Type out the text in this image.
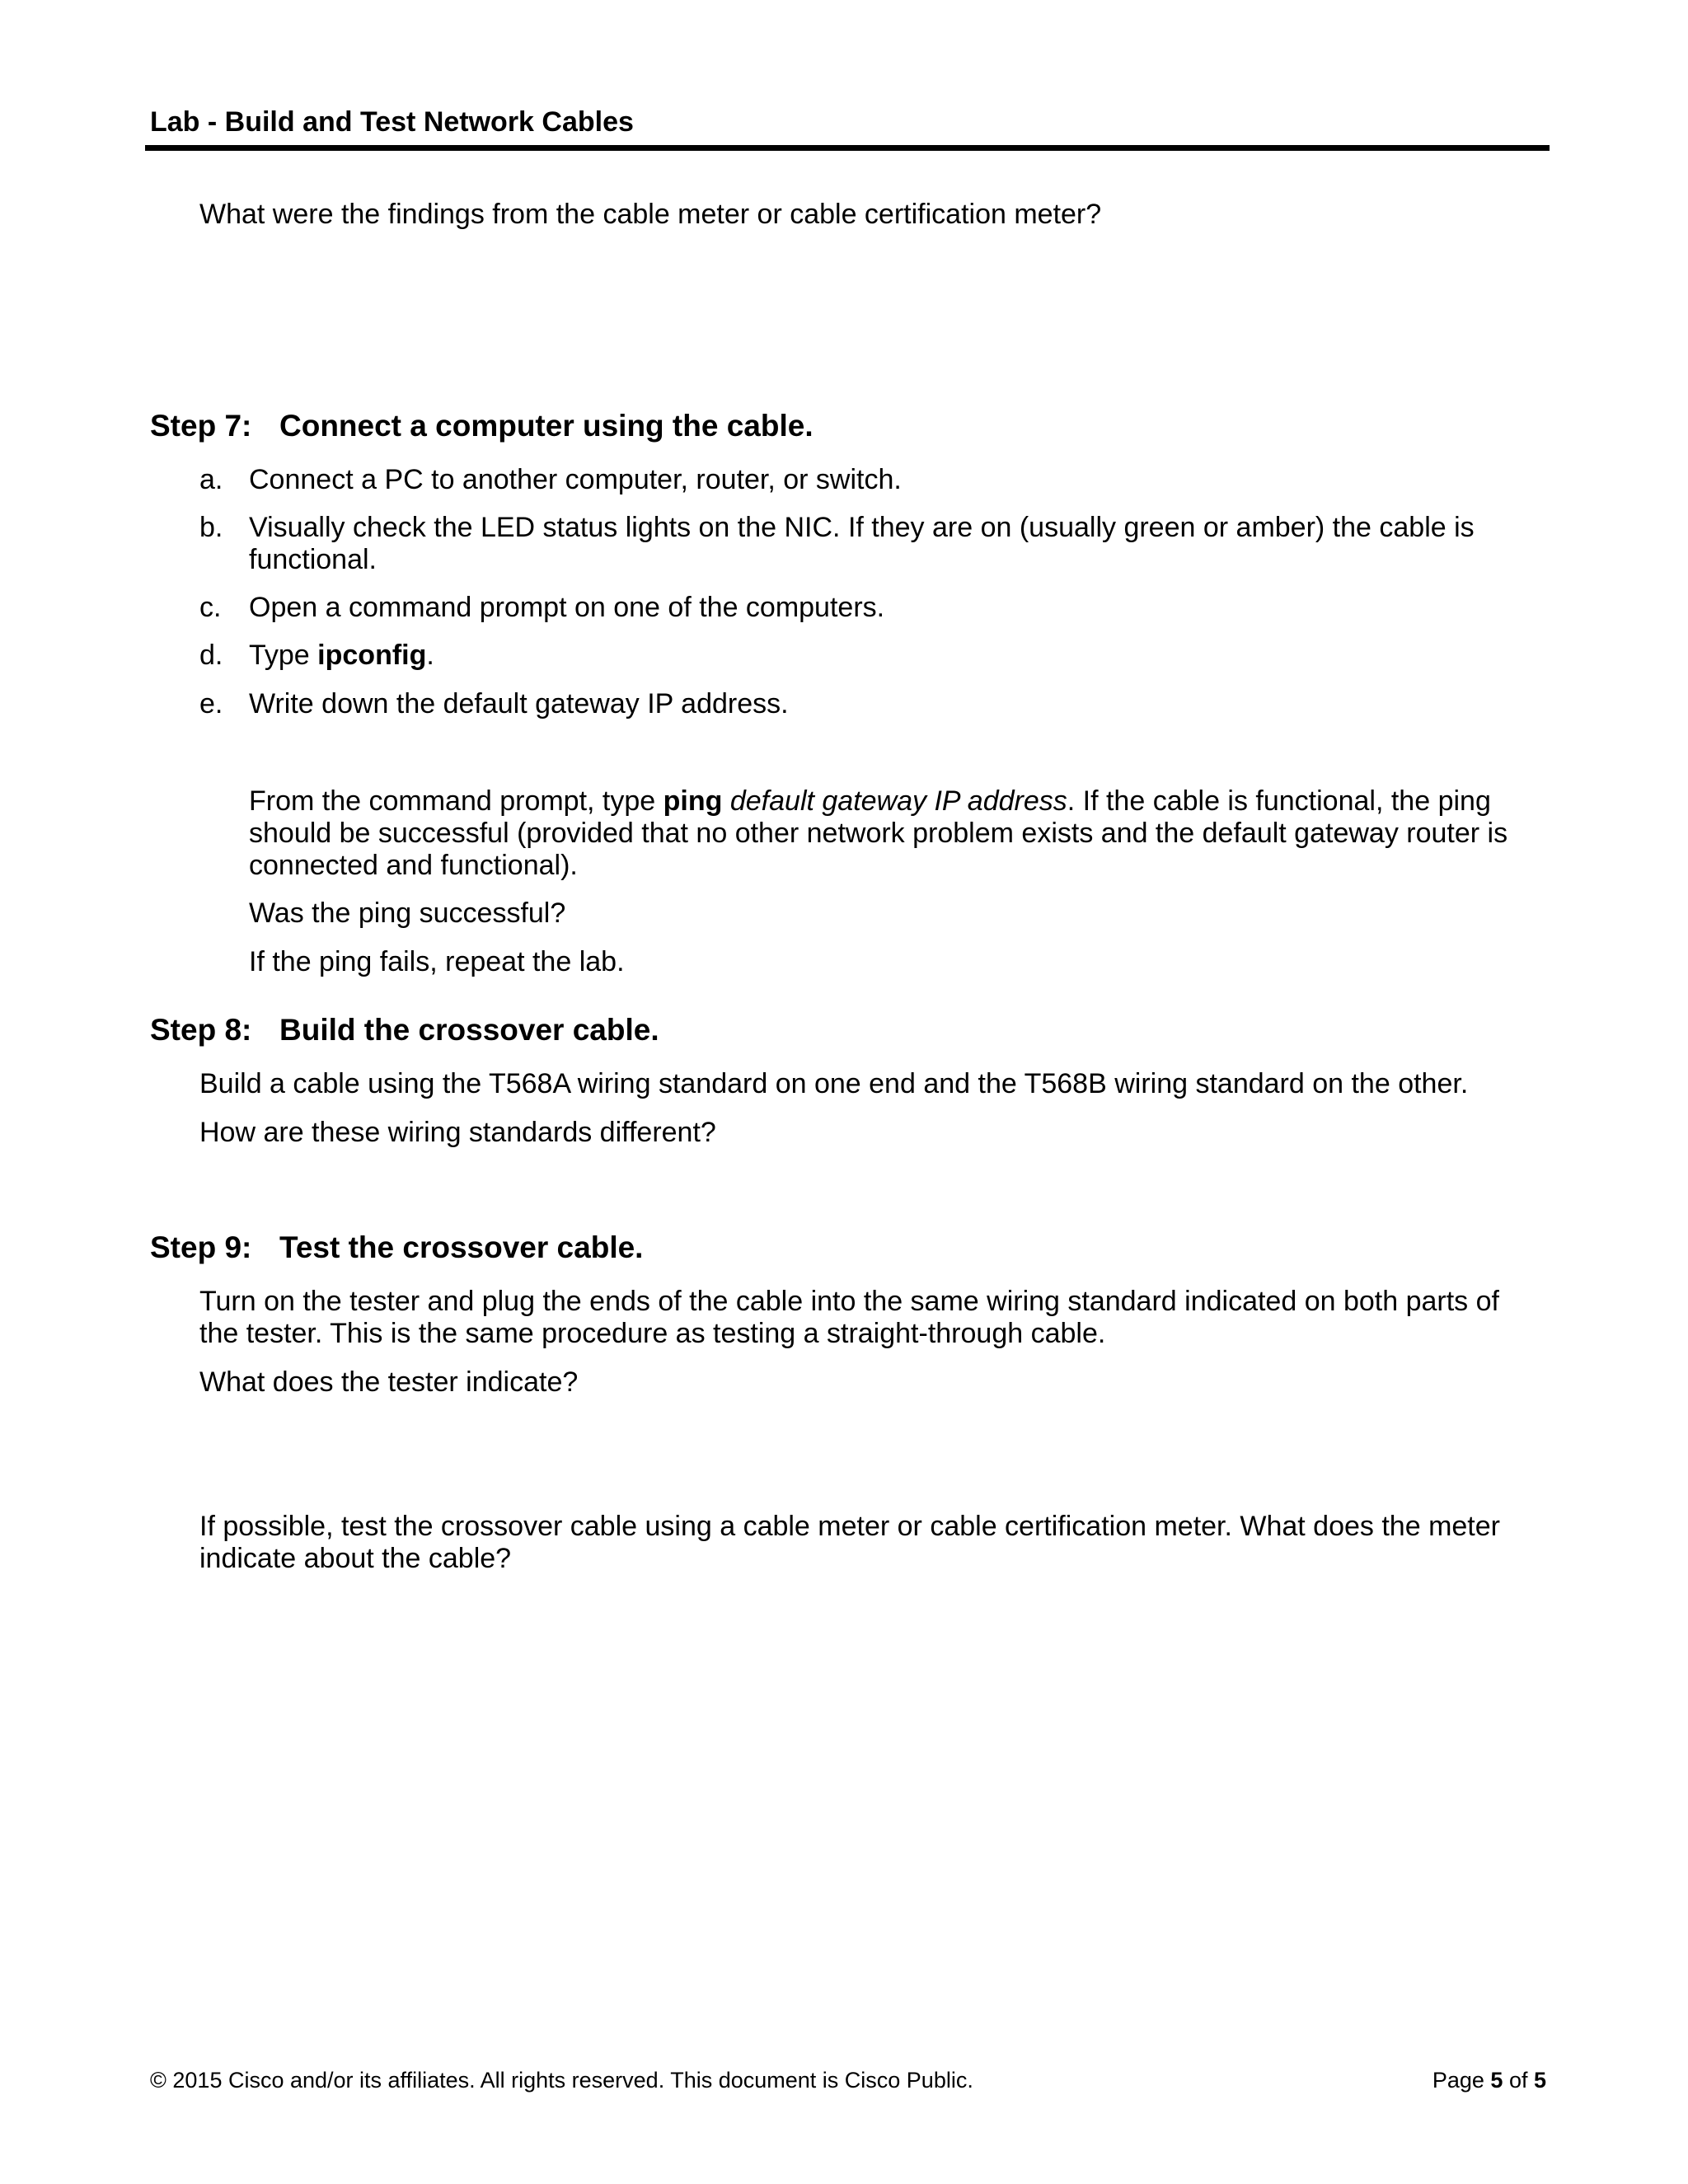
Lab - Build and Test Network Cables

What were the findings from the cable meter or cable certification meter?

Step 7: Connect a computer using the cable.
a. Connect a PC to another computer, router, or switch.
b. Visually check the LED status lights on the NIC. If they are on (usually green or amber) the cable is functional.
c. Open a command prompt on one of the computers.
d. Type ipconfig.
e. Write down the default gateway IP address.

From the command prompt, type ping default gateway IP address. If the cable is functional, the ping should be successful (provided that no other network problem exists and the default gateway router is connected and functional).

Was the ping successful?

If the ping fails, repeat the lab.

Step 8: Build the crossover cable.

Build a cable using the T568A wiring standard on one end and the T568B wiring standard on the other.

How are these wiring standards different?

Step 9: Test the crossover cable.

Turn on the tester and plug the ends of the cable into the same wiring standard indicated on both parts of the tester. This is the same procedure as testing a straight-through cable.

What does the tester indicate?

If possible, test the crossover cable using a cable meter or cable certification meter. What does the meter indicate about the cable?

© 2015 Cisco and/or its affiliates. All rights reserved. This document is Cisco Public.	Page 5 of 5
